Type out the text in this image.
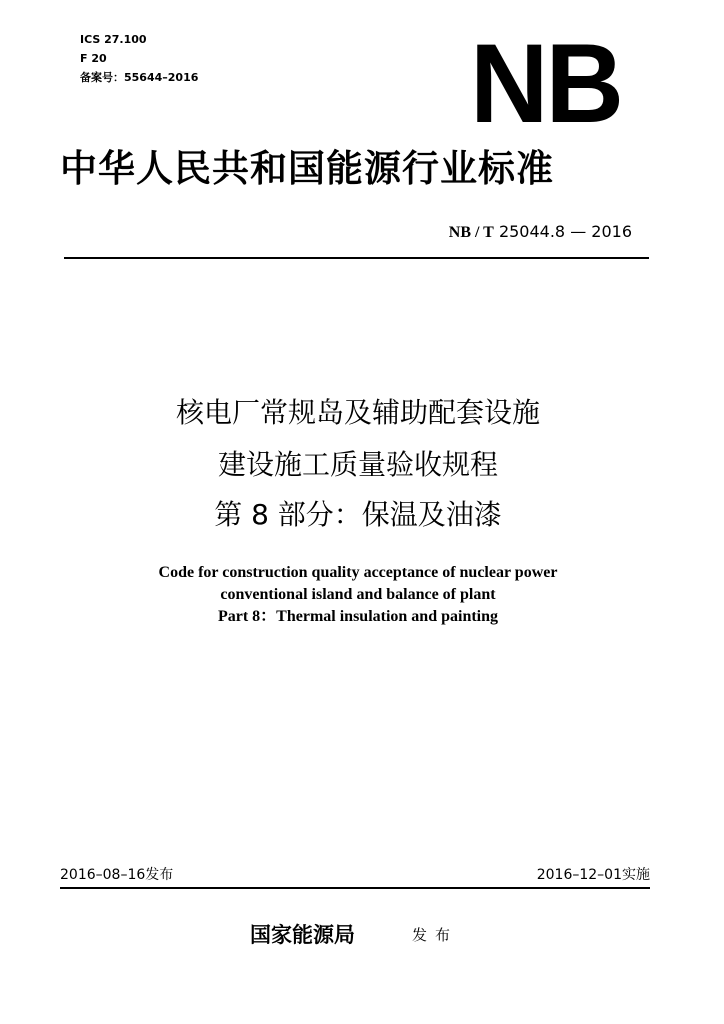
ICS 27.100
F 20
备案号：55644–2016 NB
中华人民共和国能源行业标准
NB / T 25044.8 — 2016
核电厂常规岛及辅助配套设施
建设施工质量验收规程
第 8 部分：保温及油漆
Code for construction quality acceptance of nuclear power
conventional island and balance of plant
Part 8：Thermal insulation and painting
2016–08–16发布	2016–12–01实施
国家能源局	发布
